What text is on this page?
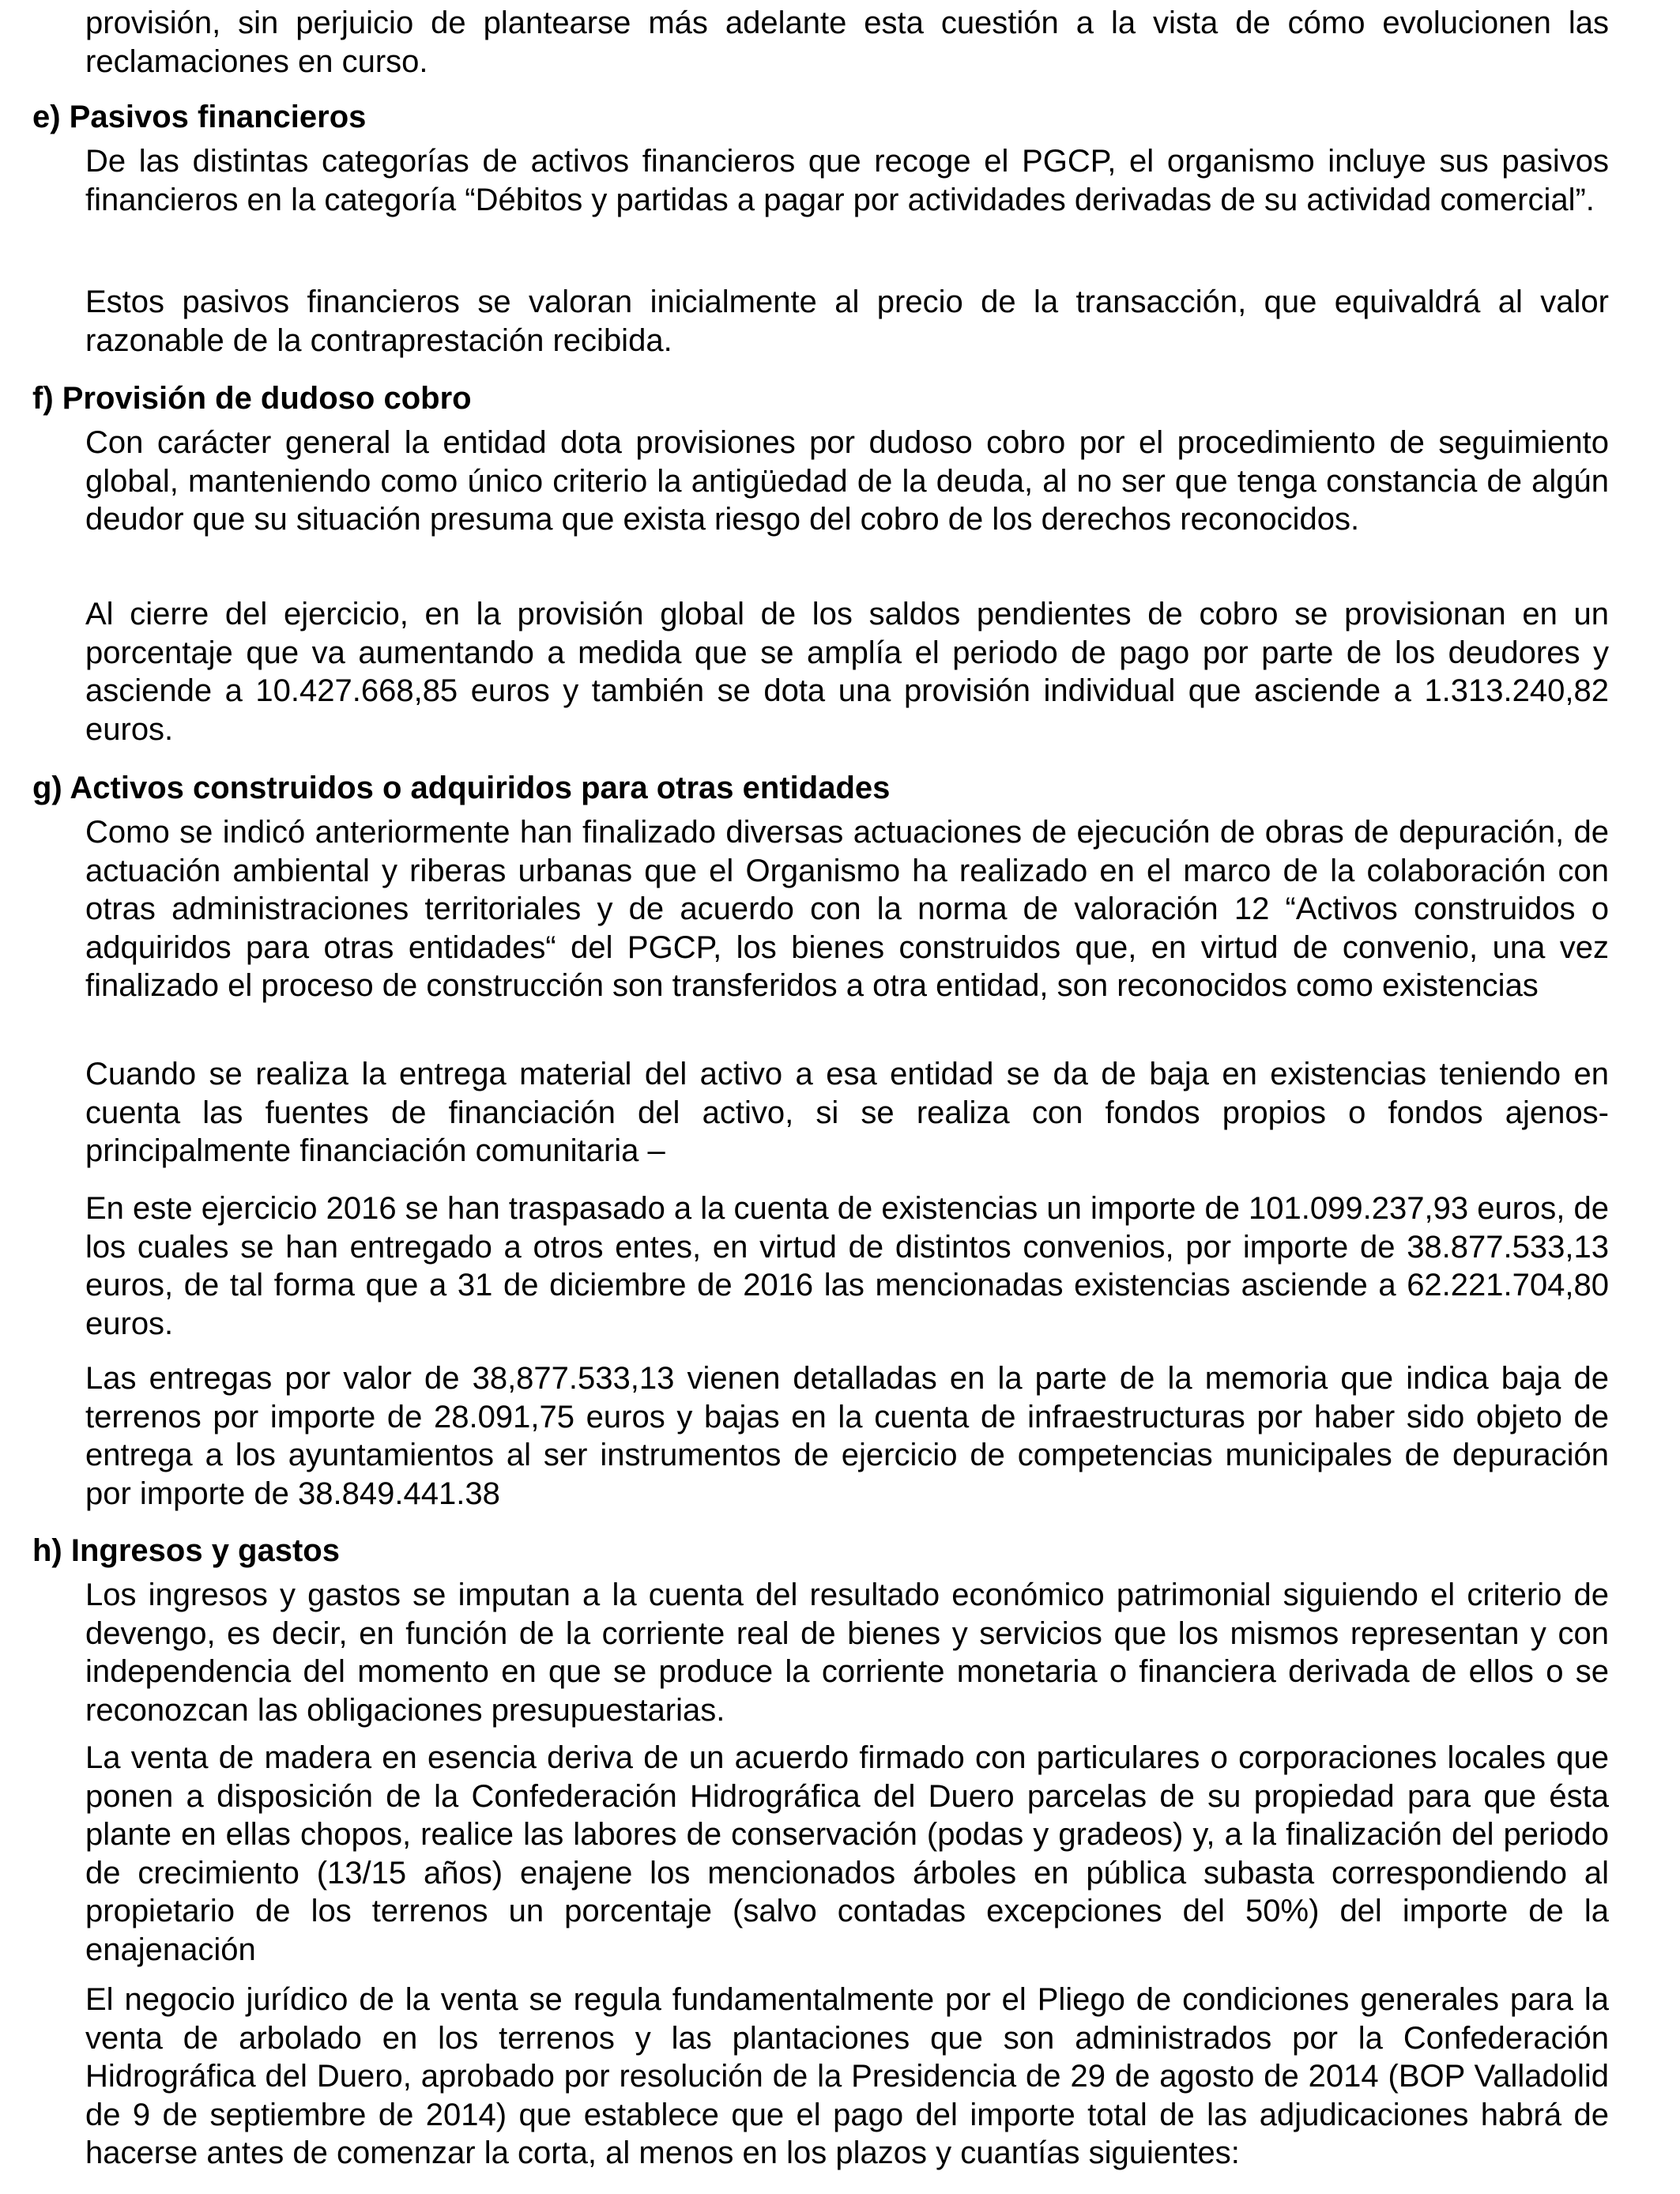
provisión, sin perjuicio de plantearse más adelante esta cuestión a la vista de cómo evolucionen las reclamaciones en curso.

e) Pasivos financieros

De las distintas categorías de activos financieros que recoge el PGCP, el organismo incluye sus pasivos financieros en la categoría “Débitos y partidas a pagar por actividades derivadas de su actividad comercial”.

Estos pasivos financieros se valoran inicialmente al precio de la transacción, que equivaldrá al valor razonable de la contraprestación recibida.

f) Provisión de dudoso cobro

Con carácter general la entidad dota provisiones por dudoso cobro por el procedimiento de seguimiento global, manteniendo como único criterio la antigüedad de la deuda, al no ser que tenga constancia de algún deudor que su situación presuma que exista riesgo del cobro de los derechos reconocidos.

Al cierre del ejercicio, en la provisión global de los saldos pendientes de cobro se provisionan en un porcentaje que va aumentando a medida que se amplía el periodo de pago por parte de los deudores y asciende a 10.427.668,85 euros y también se dota una provisión individual que asciende a 1.313.240,82 euros.

g) Activos construidos o adquiridos para otras entidades

Como se indicó anteriormente han finalizado diversas actuaciones de ejecución de obras de depuración, de actuación ambiental y riberas urbanas que el Organismo ha realizado en el marco de la colaboración con otras administraciones territoriales y de acuerdo con la norma de valoración 12 “Activos construidos o adquiridos para otras entidades“ del PGCP, los bienes construidos que, en virtud de convenio, una vez finalizado el proceso de construcción son transferidos a otra entidad, son reconocidos como existencias

Cuando se realiza la entrega material del activo a esa entidad se da de baja en existencias teniendo en cuenta las fuentes de financiación del activo, si se realiza con fondos propios o fondos ajenos-principalmente financiación comunitaria –

En este ejercicio 2016 se han traspasado a la cuenta de existencias un importe de 101.099.237,93 euros, de los cuales se han entregado a otros entes, en virtud de distintos convenios, por importe de 38.877.533,13 euros, de tal forma que a 31 de diciembre de 2016 las mencionadas existencias asciende a 62.221.704,80 euros.

Las entregas por valor de 38,877.533,13 vienen detalladas en la parte de la memoria que indica baja de terrenos por importe de 28.091,75 euros y bajas en la cuenta de infraestructuras por haber sido objeto de entrega a los ayuntamientos al ser instrumentos de ejercicio de competencias municipales de depuración por importe de 38.849.441.38

h) Ingresos y gastos

Los ingresos y gastos se imputan a la cuenta del resultado económico patrimonial siguiendo el criterio de devengo, es decir, en función de la corriente real de bienes y servicios que los mismos representan y con independencia del momento en que se produce la corriente monetaria o financiera derivada de ellos o se reconozcan las obligaciones presupuestarias.

La venta de madera en esencia deriva de un acuerdo firmado con particulares o corporaciones locales que ponen a disposición de la Confederación Hidrográfica del Duero parcelas de su propiedad para que ésta plante en ellas chopos, realice las labores de conservación (podas y gradeos) y, a la finalización del periodo de crecimiento (13/15 años) enajene los mencionados árboles en pública subasta correspondiendo al propietario de los terrenos un porcentaje (salvo contadas excepciones del 50%) del importe de la enajenación

El negocio jurídico de la venta se regula fundamentalmente por el Pliego de condiciones generales para la venta de arbolado en los terrenos y las plantaciones que son administrados por la Confederación Hidrográfica del Duero, aprobado por resolución de la Presidencia de 29 de agosto de 2014 (BOP Valladolid de 9 de septiembre de 2014) que establece que el pago del importe total de las adjudicaciones habrá de hacerse antes de comenzar la corta, al menos en los plazos y cuantías siguientes:
